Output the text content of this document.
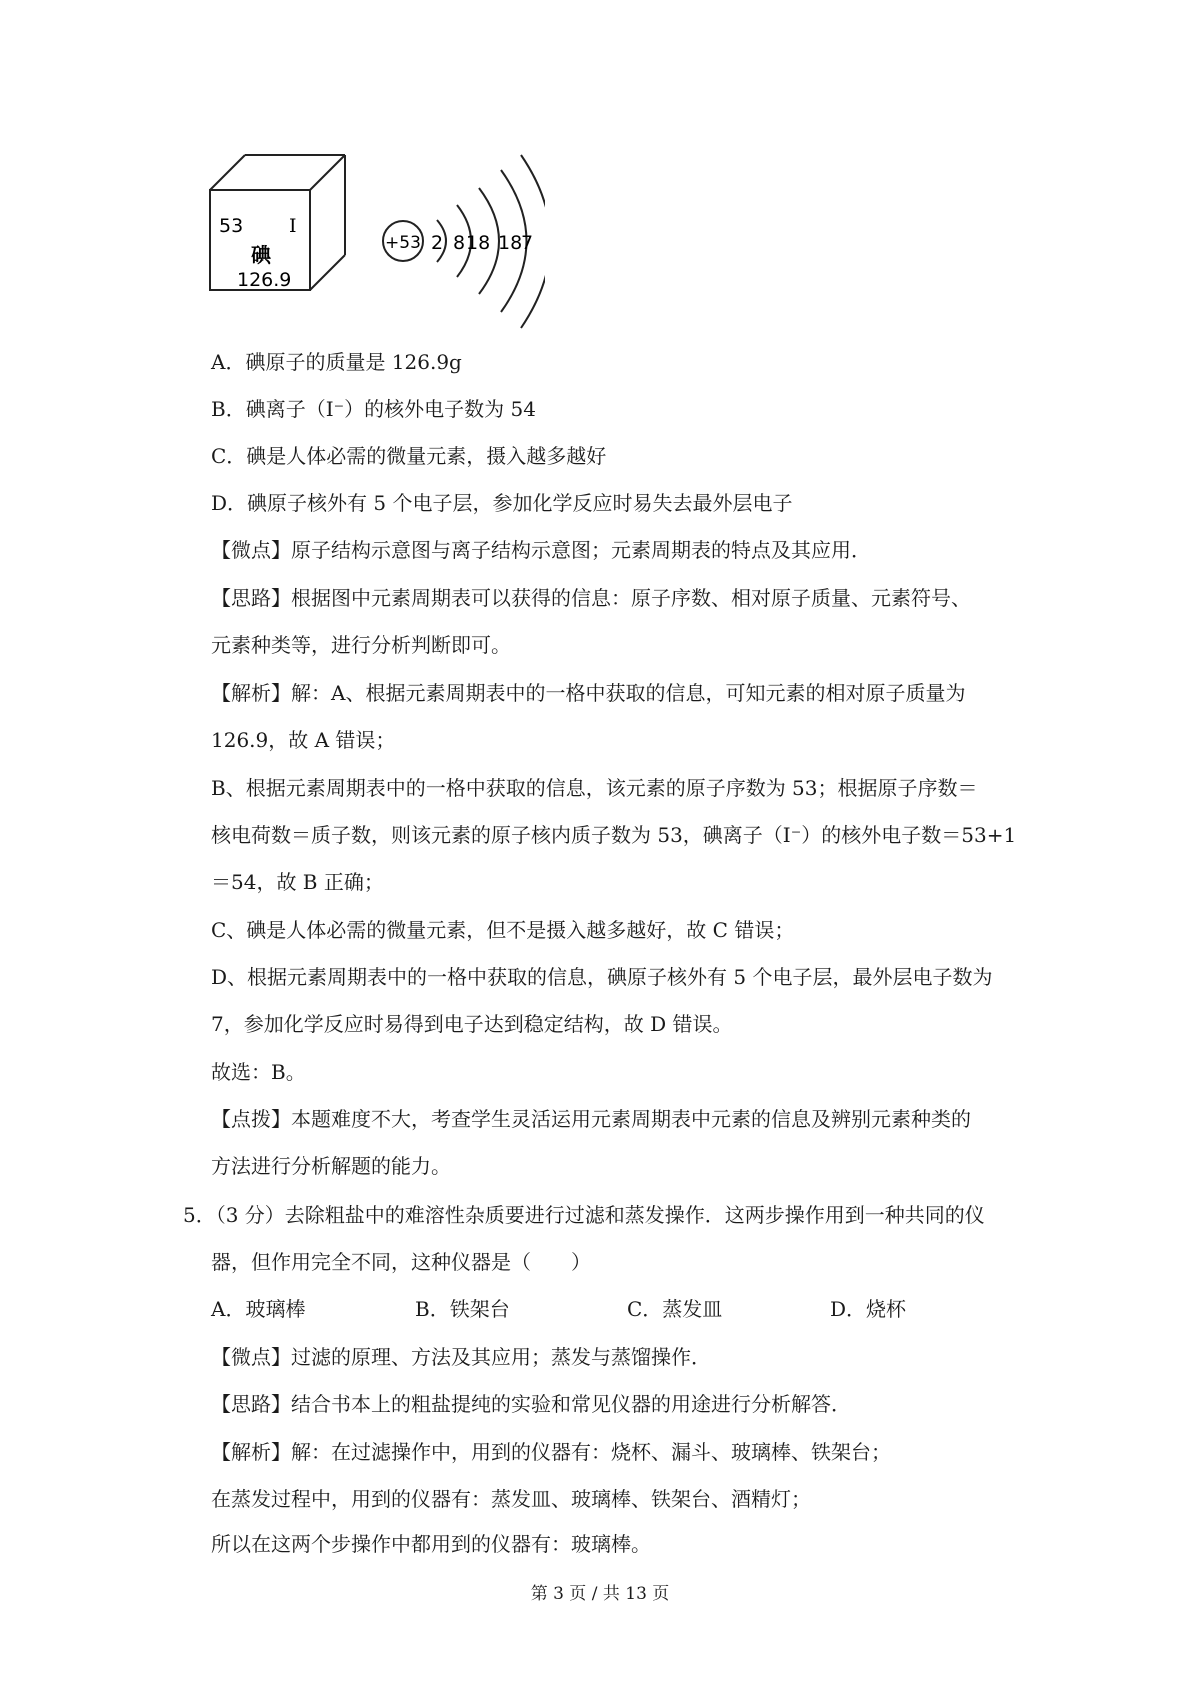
53 I
碘
126.9
+53 2 8 18 18
7
A．碘原子的质量是 126.9g
B．碘离子（I⁻）的核外电子数为 54
C．碘是人体必需的微量元素，摄入越多越好
D．碘原子核外有 5 个电子层，参加化学反应时易失去最外层电子
【微点】原子结构示意图与离子结构示意图；元素周期表的特点及其应用．
【思路】根据图中元素周期表可以获得的信息：原子序数、相对原子质量、元素符号、
元素种类等，进行分析判断即可。
【解析】解：A、根据元素周期表中的一格中获取的信息，可知元素的相对原子质量为
126.9，故 A 错误；
B、根据元素周期表中的一格中获取的信息，该元素的原子序数为 53；根据原子序数＝
核电荷数＝质子数，则该元素的原子核内质子数为 53，碘离子（I⁻）的核外电子数＝53+1
＝54，故 B 正确；
C、碘是人体必需的微量元素，但不是摄入越多越好，故 C 错误；
D、根据元素周期表中的一格中获取的信息，碘原子核外有 5 个电子层，最外层电子数为
7，参加化学反应时易得到电子达到稳定结构，故 D 错误。
故选：B。
【点拨】本题难度不大，考查学生灵活运用元素周期表中元素的信息及辨别元素种类的
方法进行分析解题的能力。
5．（3 分）去除粗盐中的难溶性杂质要进行过滤和蒸发操作．这两步操作用到一种共同的仪
器，但作用完全不同，这种仪器是（　　）
A．玻璃棒	B．铁架台	C．蒸发皿	D．烧杯
【微点】过滤的原理、方法及其应用；蒸发与蒸馏操作．
【思路】结合书本上的粗盐提纯的实验和常见仪器的用途进行分析解答．
【解析】解：在过滤操作中，用到的仪器有：烧杯、漏斗、玻璃棒、铁架台；
在蒸发过程中，用到的仪器有：蒸发皿、玻璃棒、铁架台、酒精灯；
所以在这两个步操作中都用到的仪器有：玻璃棒。
第 3 页 / 共 13 页
